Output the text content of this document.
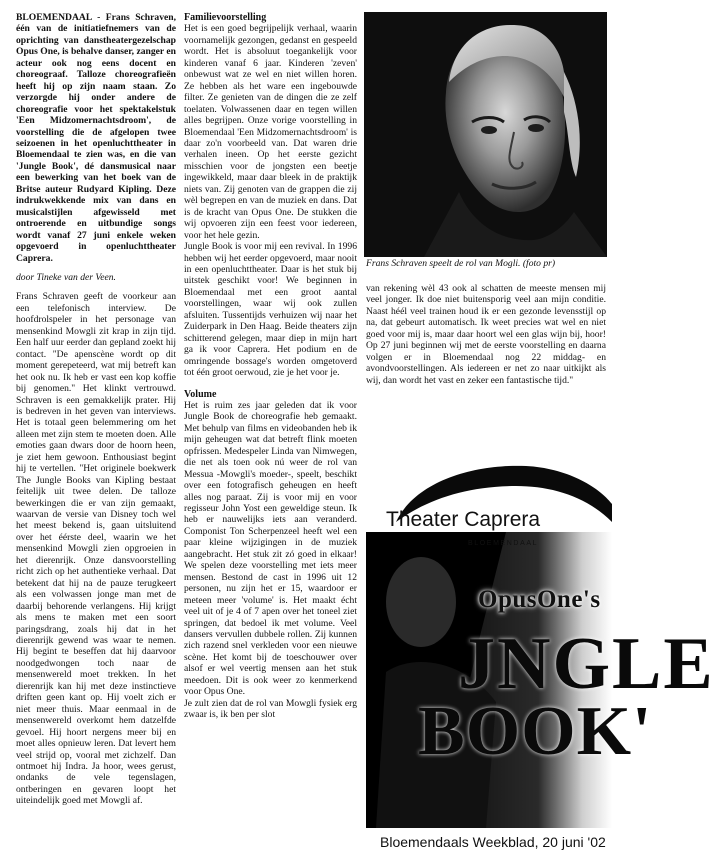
BLOEMENDAAL - Frans Schraven, één van de initiatiefnemers van de oprichting van danstheatergezelschap Opus One, is behalve danser, zanger en acteur ook nog eens docent en choreograaf. Talloze choreografieën heeft hij op zijn naam staan. Zo verzorgde hij onder andere de choreografie voor het spektakelstuk 'Een Midzomernachtsdroom', de voorstelling die de afgelopen twee seizoenen in het openluchttheater in Bloemendaal te zien was, en die van 'Jungle Book', dé dansmusical naar een bewerking van het boek van de Britse auteur Rudyard Kipling. Deze indrukwekkende mix van dans en musicalstijlen afgewisseld met ontroerende en uitbundige songs wordt vanaf 27 juni enkele weken opgevoerd in openluchttheater Caprera.

door Tineke van der Veen.

Frans Schraven geeft de voorkeur aan een telefonisch interview. De hoofdrolspeler in het personage van mensenkind Mowgli zit krap in zijn tijd. Een half uur eerder dan gepland zoekt hij contact. "De apenscène wordt op dit moment gerepeteerd, wat mij betreft kan het ook nu. Ik heb er vast een kop koffie bij genomen." Het klinkt vertrouwd. Schraven is een gemakkelijk prater. Hij is bedreven in het geven van interviews. Het is totaal geen belemmering om het alleen met zijn stem te moeten doen. Alle emoties gaan dwars door de hoorn heen, je ziet hem gewoon. Enthousiast begint hij te vertellen. "Het originele boekwerk The Jungle Books van Kipling bestaat feitelijk uit twee delen. De talloze bewerkingen die er van zijn gemaakt, waarvan de versie van Disney toch wel het meest bekend is, gaan uitsluitend over het éérste deel, waarin we het mensenkind Mowgli zien opgroeien in het dierenrijk. Onze dansvoorstelling richt zich op het authentieke verhaal. Dat betekent dat hij na de pauze terugkeert als een volwassen jonge man met de daarbij behorende verlangens. Hij krijgt als mens te maken met een soort paringsdrang, zoals hij dat in het dierenrijk gewend was waar te nemen. Hij begint te beseffen dat hij daarvoor noodgedwongen toch naar de mensenwereld moet trekken. In het dierenrijk kan hij met deze instinctieve driften geen kant op. Hij voelt zich er niet meer thuis. Maar eenmaal in de mensenwereld overkomt hem datzelfde gevoel. Hij hoort nergens meer bij en moet alles opnieuw leren. Dat levert hem veel strijd op, vooral met zichzelf. Dan ontmoet hij Indra. Ja hoor, wees gerust, ondanks de vele tegenslagen, ontberingen en gevaren loopt het uiteindelijk goed met Mowgli af.

Familievoorstelling

Het is een goed begrijpelijk verhaal, waarin voornamelijk gezongen, gedanst en gespeeld wordt. Het is absoluut toegankelijk voor kinderen vanaf 6 jaar. Kinderen 'zeven' onbewust wat ze wel en niet willen horen. Ze hebben als het ware een ingebouwde filter. Ze genieten van de dingen die ze zelf toelaten. Volwassenen daar en tegen willen alles begrijpen. Onze vorige voorstelling in Bloemendaal 'Een Midzomernachtsdroom' is daar zo'n voorbeeld van. Dat waren drie verhalen ineen. Op het eerste gezicht misschien voor de jongsten een beetje ingewikkeld, maar daar bleek in de praktijk niets van. Zij genoten van de grappen die zij wèl begrepen en van de muziek en dans. Dat is de kracht van Opus One. De stukken die wij opvoeren zijn een feest voor iedereen, voor het hele gezin.

Jungle Book is voor mij een revival. In 1996 hebben wij het eerder opgevoerd, maar nooit in een openluchttheater. Daar is het stuk bij uitstek geschikt voor! We beginnen in Bloemendaal met een groot aantal voorstellingen, waar wij ook zullen afsluiten. Tussentijds verhuizen wij naar het Zuiderpark in Den Haag. Beide theaters zijn schitterend gelegen, maar diep in mijn hart ga ik voor Caprera. Het podium en de omringende bossage's worden omgetoverd tot één groot oerwoud, zie je het voor je.

Volume

Het is ruim zes jaar geleden dat ik voor Jungle Book de choreografie heb gemaakt. Met behulp van films en videobanden heb ik mijn geheugen wat dat betreft flink moeten opfrissen. Medespeler Linda van Nimwegen, die net als toen ook nú weer de rol van Messua -Mowgli's moeder-, speelt, beschikt over een fotografisch geheugen en heeft alles nog paraat. Zij is voor mij en voor regisseur John Yost een geweldige steun. Ik heb er nauwelijks iets aan veranderd. Componist Ton Scherpenzeel heeft wel een paar kleine wijzigingen in de muziek aangebracht. Het stuk zit zó goed in elkaar! We spelen deze voorstelling met iets meer mensen. Bestond de cast in 1996 uit 12 personen, nu zijn het er 15, waardoor er meteen meer 'volume' is. Het maakt écht veel uit of je 4 of 7 apen over het toneel ziet springen, dat bedoel ik met volume. Veel dansers vervullen dubbele rollen. Zij kunnen zich razend snel verkleden voor een nieuwe scène. Het komt bij de toeschouwer over alsof er wel veertig mensen aan het stuk meedoen. Dit is ook weer zo kenmerkend voor Opus One.

Je zult zien dat de rol van Mowgli fysiek erg zwaar is, ik ben per slot

Frans Schraven speelt de rol van Mogli. (foto pr)

van rekening wèl 43 ook al schatten de meeste mensen mij veel jonger. Ik doe niet buitensporig veel aan mijn conditie. Naast héél veel trainen houd ik er een gezonde levensstijl op na, dat gebeurt automatisch. Ik weet precies wat wel en niet goed voor mij is, maar daar hoort wel een glas wijn bij, hoor! Op 27 juni beginnen wij met de eerste voorstelling en daarna volgen er in Bloemendaal nog 22 middag- en avondvoorstellingen. Als iedereen er net zo naar uitkijkt als wij, dan wordt het vast en zeker een fantastische tijd."

Theater Caprera
BLOEMENDAAL
OpusOne's
JNGLE
BOOK'
Bloemendaals Weekblad, 20 juni '02
